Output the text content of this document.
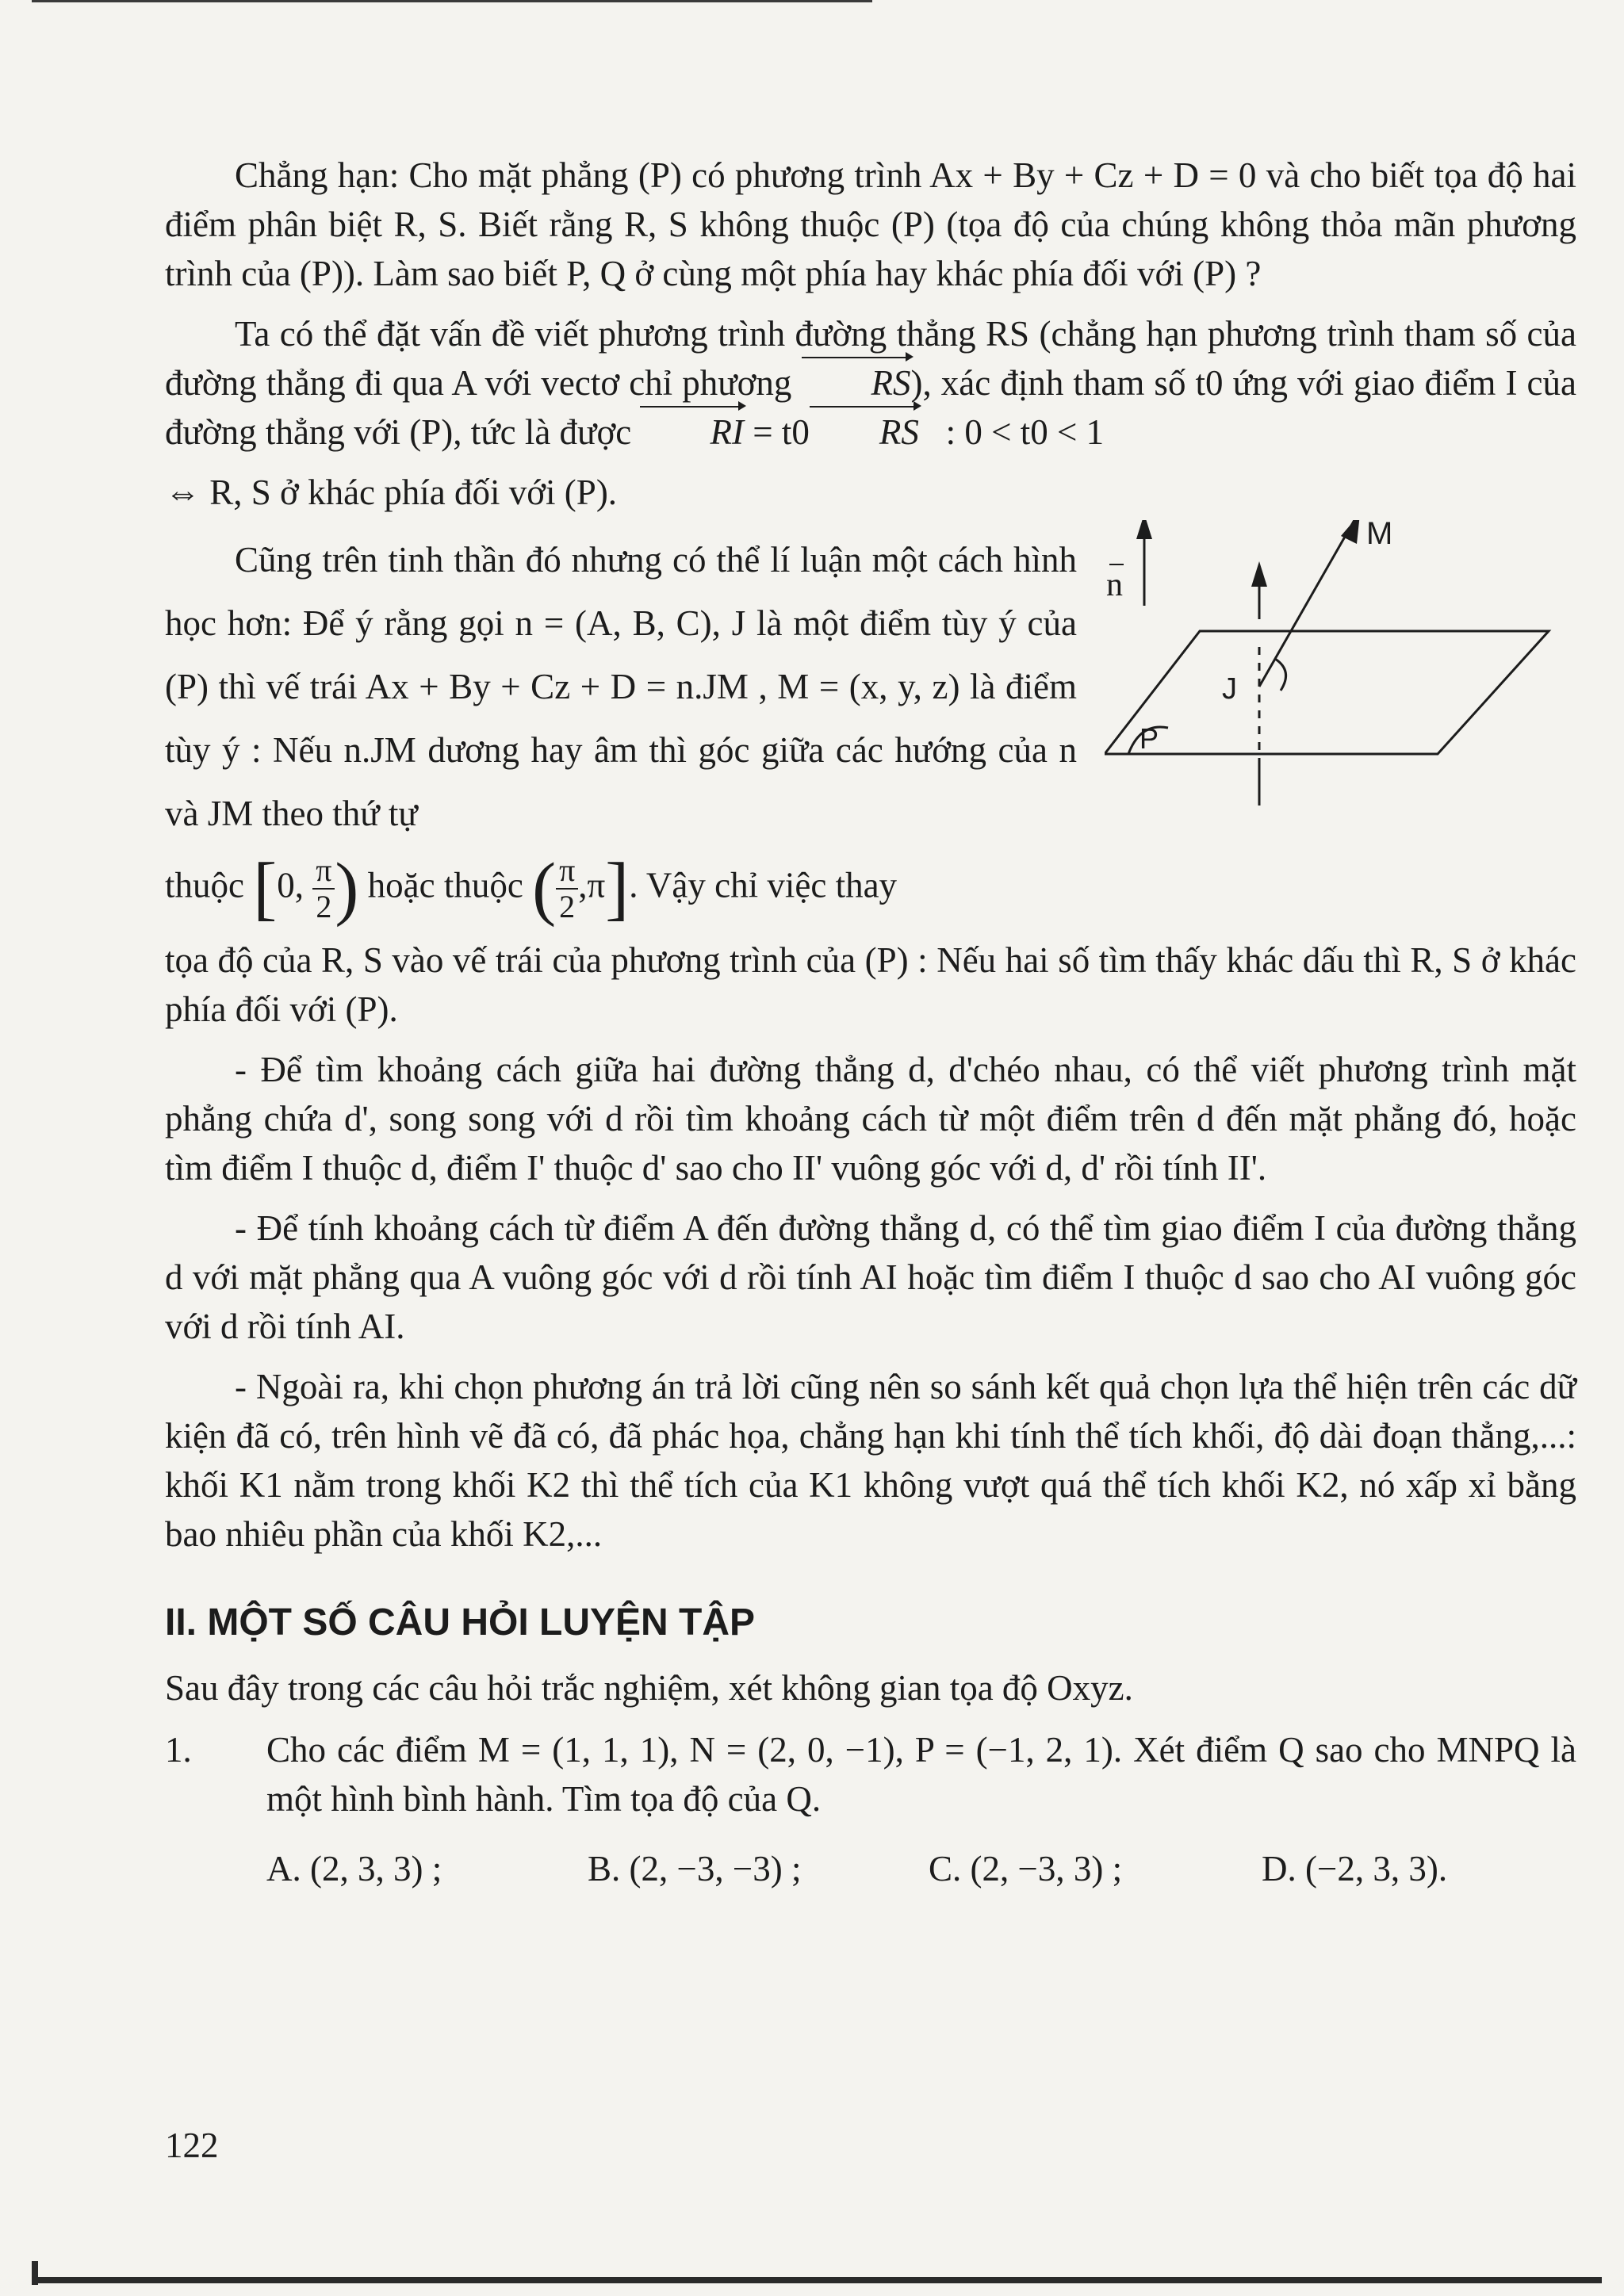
Chẳng hạn: Cho mặt phẳng (P) có phương trình Ax + By + Cz + D = 0 và cho biết tọa độ hai điểm phân biệt R, S. Biết rằng R, S không thuộc (P) (tọa độ của chúng không thỏa mãn phương trình của (P)). Làm sao biết P, Q ở cùng một phía hay khác phía đối với (P) ?

Ta có thể đặt vấn đề viết phương trình đường thẳng RS (chẳng hạn phương trình tham số của đường thẳng đi qua A với vectơ chỉ phương RS), xác định tham số t0 ứng với giao điểm I của đường thẳng với (P), tức là được RI = t0 RS : 0 < t0 < 1

⇔ R, S ở khác phía đối với (P).

Cũng trên tinh thần đó nhưng có thể lí luận một cách hình học hơn: Để ý rằng gọi n = (A, B, C), J là một điểm tùy ý của (P) thì vế trái Ax + By + Cz + D = n.JM , M = (x, y, z) là điểm tùy ý : Nếu n.JM dương hay âm thì góc giữa các hướng của n và JM theo thứ tự

thuộc [0, $\frac{\pi}{2}$ ) hoặc thuộc ( $\frac{\pi}{2} ,\pi$]. Vậy chỉ việc thay

n
M
J
P

tọa độ của R, S vào vế trái của phương trình của (P) : Nếu hai số tìm thấy khác dấu thì R, S ở khác phía đối với (P).

- Để tìm khoảng cách giữa hai đường thẳng d, d'chéo nhau, có thể viết phương trình mặt phẳng chứa d', song song với d rồi tìm khoảng cách từ một điểm trên d đến mặt phẳng đó, hoặc tìm điểm I thuộc d, điểm I' thuộc d' sao cho II' vuông góc với d, d' rồi tính II'.

- Để tính khoảng cách từ điểm A đến đường thẳng d, có thể tìm giao điểm I của đường thẳng d với mặt phẳng qua A vuông góc với d rồi tính AI hoặc tìm điểm I thuộc d sao cho AI vuông góc với d rồi tính AI.

- Ngoài ra, khi chọn phương án trả lời cũng nên so sánh kết quả chọn lựa thể hiện trên các dữ kiện đã có, trên hình vẽ đã có, đã phác họa, chẳng hạn khi tính thể tích khối, độ dài đoạn thẳng,...: khối K1 nằm trong khối K2 thì thể tích của K1 không vượt quá thể tích khối K2, nó xấp xỉ bằng bao nhiêu phần của khối K2,...

II. MỘT SỐ CÂU HỎI LUYỆN TẬP

Sau đây trong các câu hỏi trắc nghiệm, xét không gian tọa độ Oxyz.

1.	Cho các điểm M = (1, 1, 1), N = (2, 0, −1), P = (−1, 2, 1). Xét điểm Q sao cho MNPQ là một hình bình hành. Tìm tọa độ của Q.
A. (2, 3, 3) ;	B. (2, −3, −3) ;	C. (2, −3, 3) ;	D. (−2, 3, 3).
122
